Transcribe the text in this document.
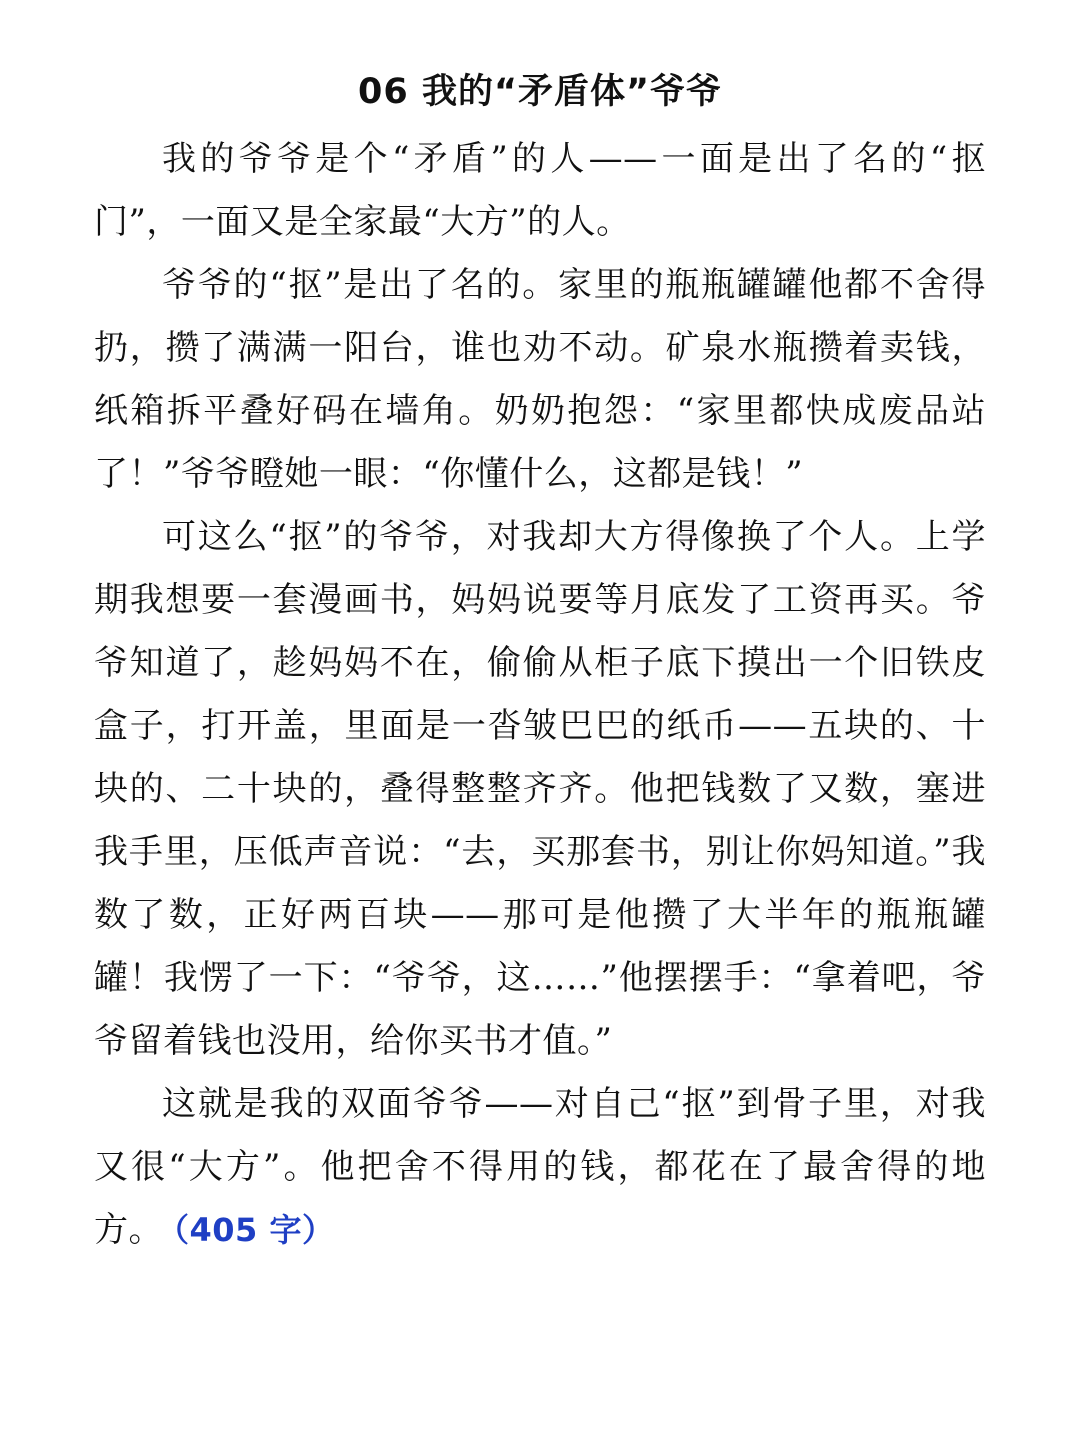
06 我的“矛盾体”爷爷

我的爷爷是个“矛盾”的人——一面是出了名的“抠门”，一面又是全家最“大方”的人。

爷爷的“抠”是出了名的。家里的瓶瓶罐罐他都不舍得扔，攒了满满一阳台，谁也劝不动。矿泉水瓶攒着卖钱，纸箱拆平叠好码在墙角。奶奶抱怨：“家里都快成废品站了！”爷爷瞪她一眼：“你懂什么，这都是钱！”

可这么“抠”的爷爷，对我却大方得像换了个人。上学期我想要一套漫画书，妈妈说要等月底发了工资再买。爷爷知道了，趁妈妈不在，偷偷从柜子底下摸出一个旧铁皮盒子，打开盖，里面是一沓皱巴巴的纸币——五块的、十块的、二十块的，叠得整整齐齐。他把钱数了又数，塞进我手里，压低声音说：“去，买那套书，别让你妈知道。”我数了数，正好两百块——那可是他攒了大半年的瓶瓶罐罐！我愣了一下：“爷爷，这……”他摆摆手：“拿着吧，爷爷留着钱也没用，给你买书才值。”

这就是我的双面爷爷——对自己“抠”到骨子里，对我又很“大方”。他把舍不得用的钱，都花在了最舍得的地方。 （405 字）
